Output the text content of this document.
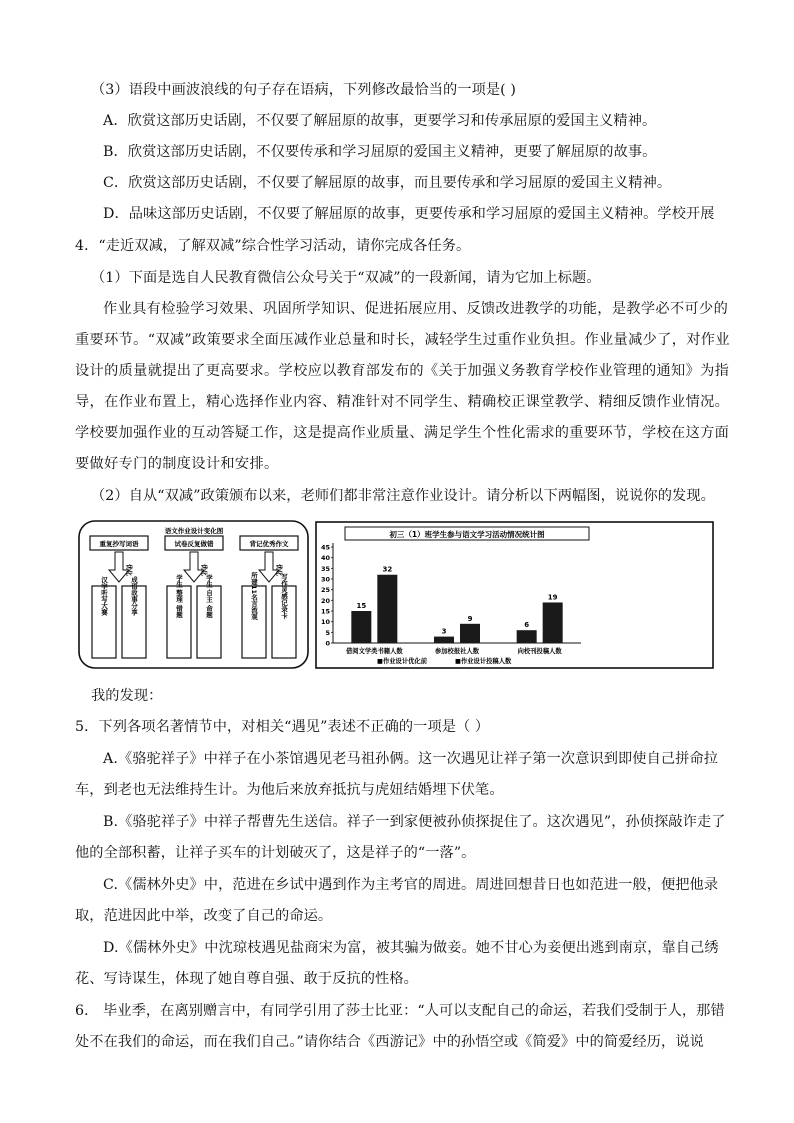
（3）语段中画波浪线的句子存在语病，下列修改最恰当的一项是( )
A．欣赏这部历史话剧，不仅要了解屈原的故事，更要学习和传承屈原的爱国主义精神。
B．欣赏这部历史话剧，不仅要传承和学习屈原的爱国主义精神，更要了解屈原的故事。
C．欣赏这部历史话剧，不仅要了解屈原的故事，而且要传承和学习屈原的爱国主义精神。
D．品味这部历史话剧，不仅要了解屈原的故事，更要传承和学习屈原的爱国主义精神。学校开展
4．“走近双减，了解双减”综合性学习活动，请你完成各任务。
（1）下面是选自人民教育微信公众号关于“双减”的一段新闻，请为它加上标题。
作业具有检验学习效果、巩固所学知识、促进拓展应用、反馈改进教学的功能，是教学必不可少的
重要环节。“双减”政策要求全面压减作业总量和时长，减轻学生过重作业负担。作业量减少了，对作业
设计的质量就提出了更高要求。学校应以教育部发布的《关于加强义务教育学校作业管理的通知》为指
导，在作业布置上，精心选择作业内容、精准针对不同学生、精确校正课堂教学、精细反馈作业情况。
学校要加强作业的互动答疑工作，这是提高作业质量、满足学生个性化需求的重要环节，学校在这方面
要做好专门的制度设计和安排。
（2）自从“双减”政策颁布以来，老师们都非常注意作业设计。请分析以下两幅图，说说你的发现。
语文作业设计变化图
重复抄写词语
优化
汉字听写大赛	成语故事分享
试卷反复做错
优化
学生 整理 错题	学生 自主 命题
背记优秀作文
优化
所建11名言流观	写作灵感记录卡
初三（1）班学生参与语文学习活动情况统计图
0
5
10
15
20
25
30
35
40
45
15
32
借阅文学类书籍人数
3
9
参加校报社人数
6
19
向校刊投稿人数
■作业设计优化前	■作业设计投稿人数
我的发现：
5．下列各项名著情节中，对相关“遇见”表述不正确的一项是（ ）
A.《骆驼祥子》中祥子在小茶馆遇见老马祖孙俩。这一次遇见让祥子第一次意识到即使自己拼命拉
车，到老也无法维持生计。为他后来放弃抵抗与虎妞结婚埋下伏笔。
B.《骆驼祥子》中祥子帮曹先生送信。祥子一到家便被孙侦探捉住了。这次遇见”，孙侦探敲诈走了
他的全部积蓄，让祥子买车的计划破灭了，这是祥子的“一落”。
C.《儒林外史》中，范进在乡试中遇到作为主考官的周进。周进回想昔日也如范进一般，便把他录
取，范进因此中举，改变了自己的命运。
D.《儒林外史》中沈琼枝遇见盐商宋为富，被其骗为做妾。她不甘心为妾便出逃到南京，靠自己绣
花、写诗谋生，体现了她自尊自强、敢于反抗的性格。
6． 毕业季，在离别赠言中，有同学引用了莎士比亚：“人可以支配自己的命运，若我们受制于人，那错
处不在我们的命运，而在我们自己。”请你结合《西游记》中的孙悟空或《简爱》中的简爱经历，说说
